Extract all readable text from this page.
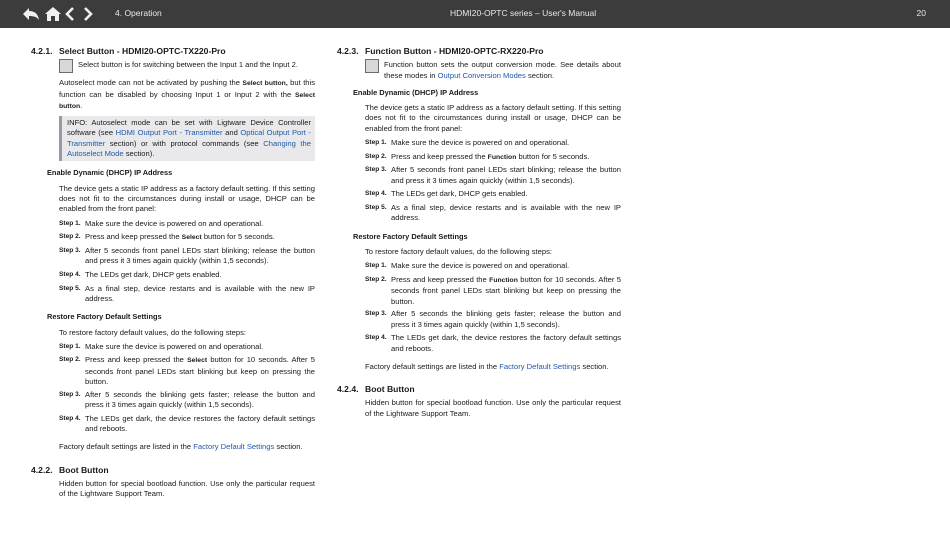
4. Operation	HDMI20-OPTC series – User's Manual	20
4.2.1. Select Button - HDMI20-OPTC-TX220-Pro
Select button is for switching between the Input 1 and the Input 2.
Autoselect mode can not be activated by pushing the Select button, but this function can be disabled by choosing Input 1 or Input 2 with the Select button.
INFO: Autoselect mode can be set with Ligtware Device Controller software (see HDMI Output Port - Transmitter and Optical Output Port - Transmitter section) or with protocol commands (see Changing the Autoselect Mode section).
Enable Dynamic (DHCP) IP Address
The device gets a static IP address as a factory default setting. If this setting does not fit to the circumstances during install or usage, DHCP can be enabled from the front panel:
Step 1. Make sure the device is powered on and operational.
Step 2. Press and keep pressed the Select button for 5 seconds.
Step 3. After 5 seconds front panel LEDs start blinking; release the button and press it 3 times again quickly (within 1,5 seconds).
Step 4. The LEDs get dark, DHCP gets enabled.
Step 5. As a final step, device restarts and is available with the new IP address.
Restore Factory Default Settings
To restore factory default values, do the following steps:
Step 1. Make sure the device is powered on and operational.
Step 2. Press and keep pressed the Select button for 10 seconds. After 5 seconds front panel LEDs start blinking but keep on pressing the button.
Step 3. After 5 seconds the blinking gets faster; release the button and press it 3 times again quickly (within 1,5 seconds).
Step 4. The LEDs get dark, the device restores the factory default settings and reboots.
Factory default settings are listed in the Factory Default Settings section.
4.2.2. Boot Button
Hidden button for special bootload function. Use only the particular request of the Lightware Support Team.
4.2.3. Function Button - HDMI20-OPTC-RX220-Pro
Function button sets the output conversion mode. See details about these modes in Output Conversion Modes section.
Enable Dynamic (DHCP) IP Address
The device gets a static IP address as a factory default setting. If this setting does not fit to the circumstances during install or usage, DHCP can be enabled from the front panel:
Step 1. Make sure the device is powered on and operational.
Step 2. Press and keep pressed the Function button for 5 seconds.
Step 3. After 5 seconds front panel LEDs start blinking; release the button and press it 3 times again quickly (within 1,5 seconds).
Step 4. The LEDs get dark, DHCP gets enabled.
Step 5. As a final step, device restarts and is available with the new IP address.
Restore Factory Default Settings
To restore factory default values, do the following steps:
Step 1. Make sure the device is powered on and operational.
Step 2. Press and keep pressed the Function button for 10 seconds. After 5 seconds front panel LEDs start blinking but keep on pressing the button.
Step 3. After 5 seconds the blinking gets faster; release the button and press it 3 times again quickly (within 1,5 seconds).
Step 4. The LEDs get dark, the device restores the factory default settings and reboots.
Factory default settings are listed in the Factory Default Settings section.
4.2.4. Boot Button
Hidden button for special bootload function. Use only the particular request of the Lightware Support Team.
